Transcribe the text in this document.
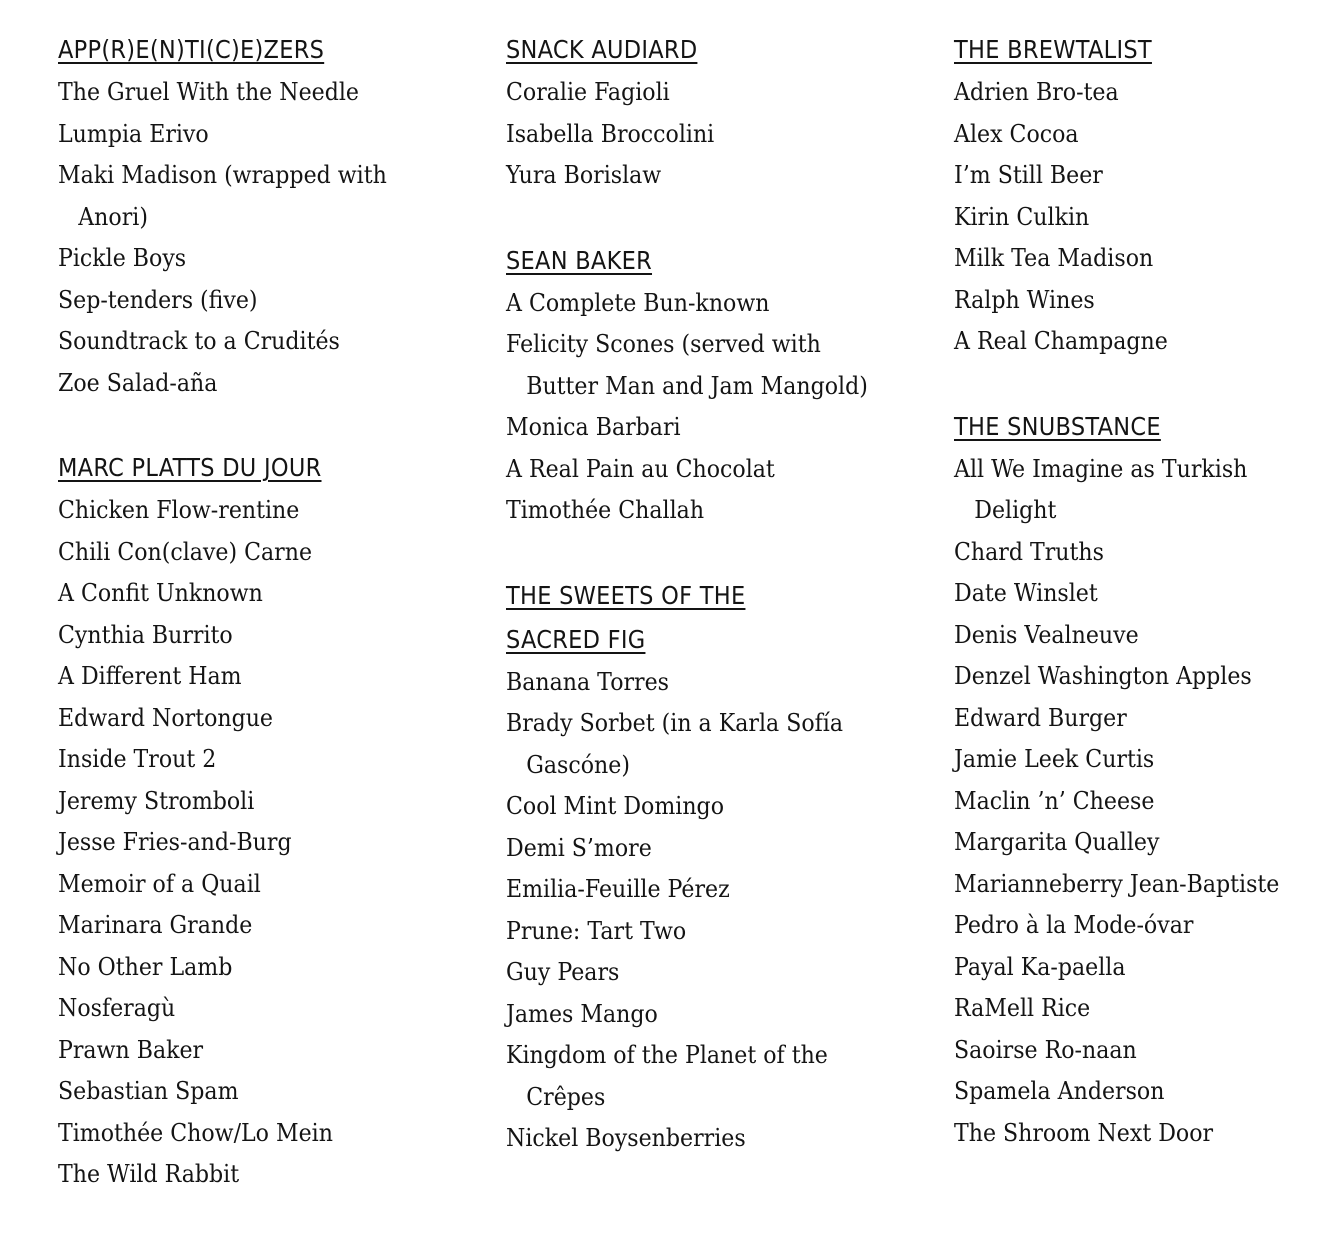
APP(R)E(N)TI(C)E)ZERS
The Gruel With the Needle
Lumpia Erivo
Maki Madison (wrapped with Anori)
Pickle Boys
Sep-tenders (five)
Soundtrack to a Crudités
Zoe Salad-aña
MARC PLATTS DU JOUR
Chicken Flow-rentine
Chili Con(clave) Carne
A Confit Unknown
Cynthia Burrito
A Different Ham
Edward Nortongue
Inside Trout 2
Jeremy Stromboli
Jesse Fries-and-Burg
Memoir of a Quail
Marinara Grande
No Other Lamb
Nosferagù
Prawn Baker
Sebastian Spam
Timothée Chow/Lo Mein
The Wild Rabbit
SNACK AUDIARD
Coralie Fagioli
Isabella Broccolini
Yura Borislaw
SEAN BAKER
A Complete Bun-known
Felicity Scones (served with Butter Man and Jam Mangold)
Monica Barbari
A Real Pain au Chocolat
Timothée Challah
THE SWEETS OF THE SACRED FIG
Banana Torres
Brady Sorbet (in a Karla Sofía Gascóne)
Cool Mint Domingo
Demi S’more
Emilia-Feuille Pérez
Prune: Tart Two
Guy Pears
James Mango
Kingdom of the Planet of the Crêpes
Nickel Boysenberries
THE BREWTALIST
Adrien Bro-tea
Alex Cocoa
I’m Still Beer
Kirin Culkin
Milk Tea Madison
Ralph Wines
A Real Champagne
THE SNUBSTANCE
All We Imagine as Turkish Delight
Chard Truths
Date Winslet
Denis Vealneuve
Denzel Washington Apples
Edward Burger
Jamie Leek Curtis
Maclin ’n’ Cheese
Margarita Qualley
Marianneberry Jean-Baptiste
Pedro à la Mode-óvar
Payal Ka-paella
RaMell Rice
Saoirse Ro-naan
Spamela Anderson
The Shroom Next Door
